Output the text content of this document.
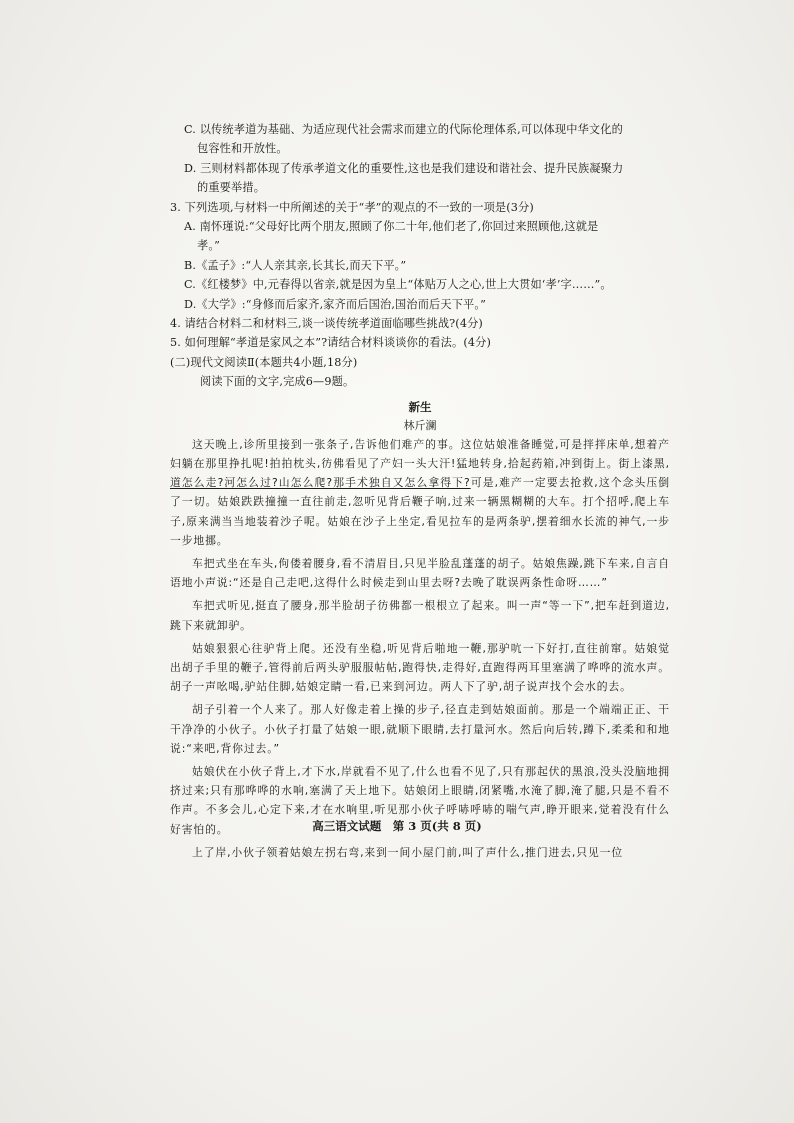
C. 以传统孝道为基础、为适应现代社会需求而建立的代际伦理体系,可以体现中华文化的
包容性和开放性。
D. 三则材料都体现了传承孝道文化的重要性,这也是我们建设和谐社会、提升民族凝聚力
的重要举措。
3. 下列选项,与材料一中所阐述的关于“孝”的观点的不一致的一项是(3分)
A. 南怀瑾说:“父母好比两个朋友,照顾了你二十年,他们老了,你回过来照顾他,这就是
孝。”
B.《孟子》:“人人亲其亲,长其长,而天下平。”
C.《红楼梦》中,元春得以省亲,就是因为皇上“体贴万人之心,世上大贯如‘孝’字……”。
D.《大学》:“身修而后家齐,家齐而后国治,国治而后天下平。”
4. 请结合材料二和材料三,谈一谈传统孝道面临哪些挑战?(4分)
5. 如何理解“孝道是家风之本”?请结合材料谈谈你的看法。(4分)
(二)现代文阅读Ⅱ(本题共4小题,18分)
阅读下面的文字,完成6—9题。
新生
林斤澜

这天晚上,诊所里接到一张条子,告诉他们难产的事。这位姑娘准备睡觉,可是拌拌床单,想着产妇躺在那里挣扎呢!拍拍枕头,彷佛看见了产妇一头大汗!猛地转身,拾起药箱,冲到街上。街上漆黑,道怎么走?河怎么过?山怎么爬?那手术独自又怎么拿得下?可是,难产一定要去抢救,这个念头压倒了一切。姑娘跌跌撞撞一直往前走,忽听见背后鞭子响,过来一辆黑糊糊的大车。打个招呼,爬上车子,原来满当当地装着沙子呢。姑娘在沙子上坐定,看见拉车的是两条驴,摆着细水长流的神气,一步一步地挪。

车把式坐在车头,佝偻着腰身,看不清眉目,只见半脸乱蓬蓬的胡子。姑娘焦躁,跳下车来,自言自语地小声说:“还是自己走吧,这得什么时候走到山里去呀?去晚了耽误两条性命呀……”

车把式听见,挺直了腰身,那半脸胡子彷佛都一根根立了起来。叫一声“等一下”,把车赶到道边,跳下来就卸驴。

姑娘狠狠心往驴背上爬。还没有坐稳,听见背后啪地一鞭,那驴吭一下好打,直往前窜。姑娘觉出胡子手里的鞭子,管得前后两头驴服服帖帖,跑得快,走得好,直跑得两耳里塞满了哗哗的流水声。胡子一声吆喝,驴站住脚,姑娘定睛一看,已来到河边。两人下了驴,胡子说声找个会水的去。

胡子引着一个人来了。那人好像走着上操的步子,径直走到姑娘面前。那是一个端端正正、干干净净的小伙子。小伙子打量了姑娘一眼,就顺下眼睛,去打量河水。然后向后转,蹲下,柔柔和和地说:“来吧,背你过去。”

姑娘伏在小伙子背上,才下水,岸就看不见了,什么也看不见了,只有那起伏的黑浪,没头没脑地拥挤过来;只有那哗哗的水响,塞满了天上地下。姑娘闭上眼睛,闭紧嘴,水淹了脚,淹了腿,只是不看不作声。不多会儿,心定下来,才在水响里,听见那小伙子呼哧呼哧的喘气声,睁开眼来,觉着没有什么好害怕的。

上了岸,小伙子领着姑娘左拐右弯,来到一间小屋门前,叫了声什么,推门进去,只见一位

高三语文试题　第 3 页(共 8 页)
